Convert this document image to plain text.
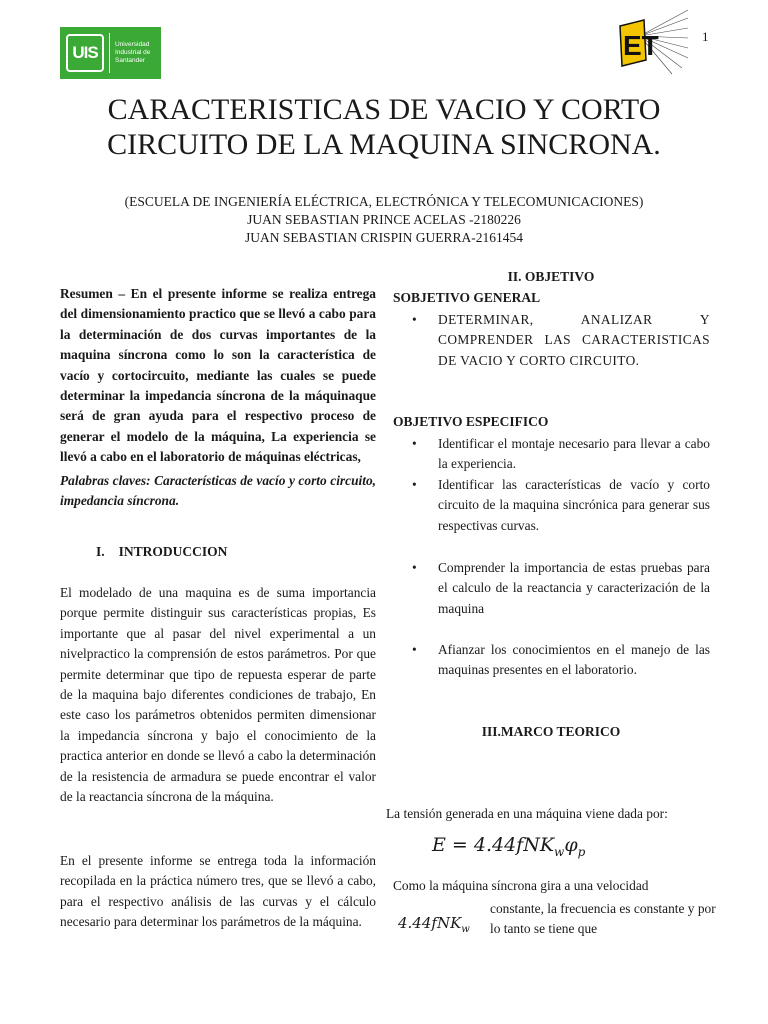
UIS	Universidad Industrial de Santander	ET	1
CARACTERISTICAS DE VACIO Y CORTO CIRCUITO DE LA MAQUINA SINCRONA.
(ESCUELA DE INGENIERÍA ELÉCTRICA, ELECTRÓNICA Y TELECOMUNICACIONES)
JUAN SEBASTIAN PRINCE ACELAS -2180226
JUAN SEBASTIAN CRISPIN GUERRA-2161454
Resumen – En el presente informe se realiza entrega del dimensionamiento practico que se llevó a cabo para la determinación de dos curvas importantes de la maquina síncrona como lo son la característica de vacío y cortocircuito, mediante las cuales se puede determinar la impedancia síncrona de la máquinaque será de gran ayuda para el respectivo proceso de generar el modelo de la máquina, La experiencia se llevó a cabo en el laboratorio de máquinas eléctricas,
Palabras claves: Características de vacío y corto circuito, impedancia síncrona.
I. INTRODUCCION
El modelado de una maquina es de suma importancia porque permite distinguir sus características propias, Es importante que al pasar del nivel experimental a un nivelpractico la comprensión de estos parámetros. Por que permite determinar que tipo de repuesta esperar de parte de la maquina bajo diferentes condiciones de trabajo, En este caso los parámetros obtenidos permiten dimensionar la impedancia síncrona y bajo el conocimiento de la practica anterior en donde se llevó a cabo la determinación de la resistencia de armadura se puede encontrar el valor de la reactancia síncrona de la máquina.
En el presente informe se entrega toda la información recopilada en la práctica número tres, que se llevó a cabo, para el respectivo análisis de las curvas y el cálculo necesario para determinar los parámetros de la máquina.
II. OBJETIVO
SOBJETIVO GENERAL
• DETERMINAR, ANALIZAR Y COMPRENDER LAS CARACTERISTICAS DE VACIO Y CORTO CIRCUITO.
OBJETIVO ESPECIFICO
• Identificar el montaje necesario para llevar a cabo la experiencia.
• Identificar las características de vacío y corto circuito de la maquina sincrónica para generar sus respectivas curvas.
• Comprender la importancia de estas pruebas para el calculo de la reactancia y caracterización de la maquina
• Afianzar los conocimientos en el manejo de las maquinas presentes en el laboratorio.
III.MARCO TEORICO
La tensión generada en una máquina viene dada por:
$E = 4.44fNK_w\varphi_p$
Como la máquina síncrona gira a una velocidad
4.44fNK$_w$
constante, la frecuencia es constante y por lo tanto se tiene que
